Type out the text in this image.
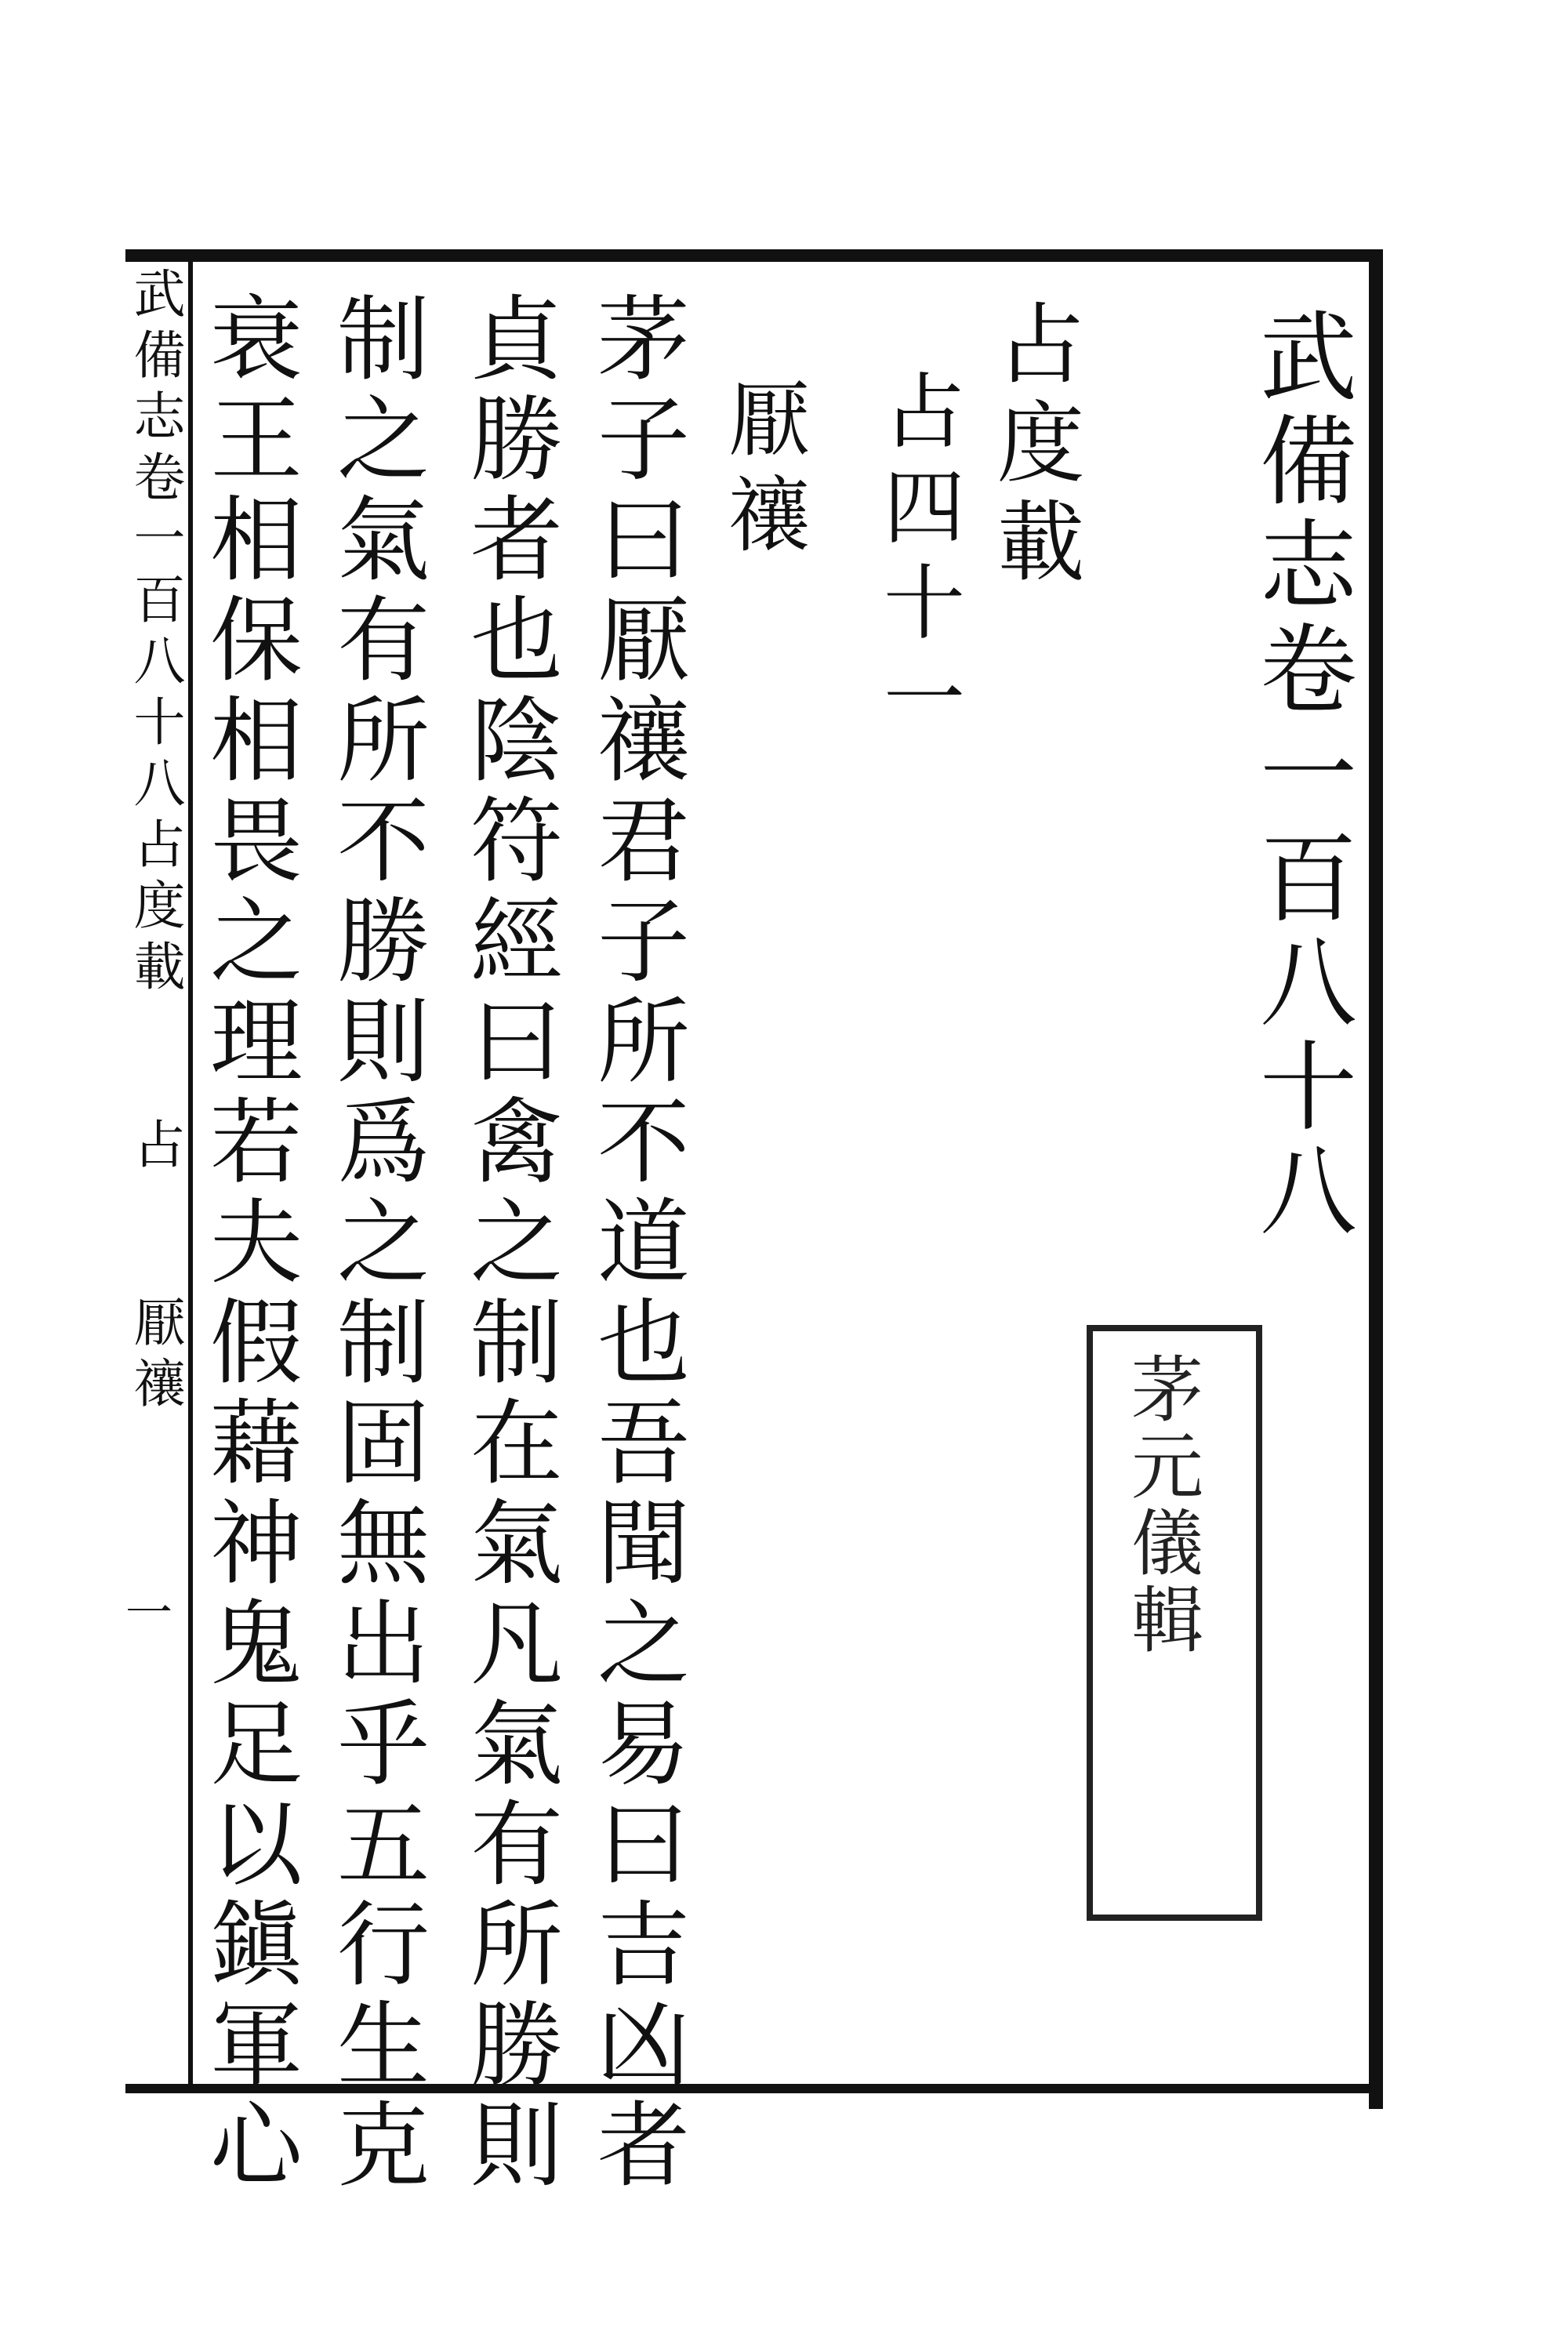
武備志卷一百八十八
占度載
占四十一
厭禳
茅子曰厭禳君子所不道也吾聞之易曰吉凶者
貞勝者也陰符經曰禽之制在氣凡氣有所勝則
制之氣有所不勝則爲之制固無出乎五行生克
衰王相保相畏之理若夫假藉神鬼足以鎭軍心	茅元儀輯
武備志卷一百八十八占度載 占 厭禳
一
